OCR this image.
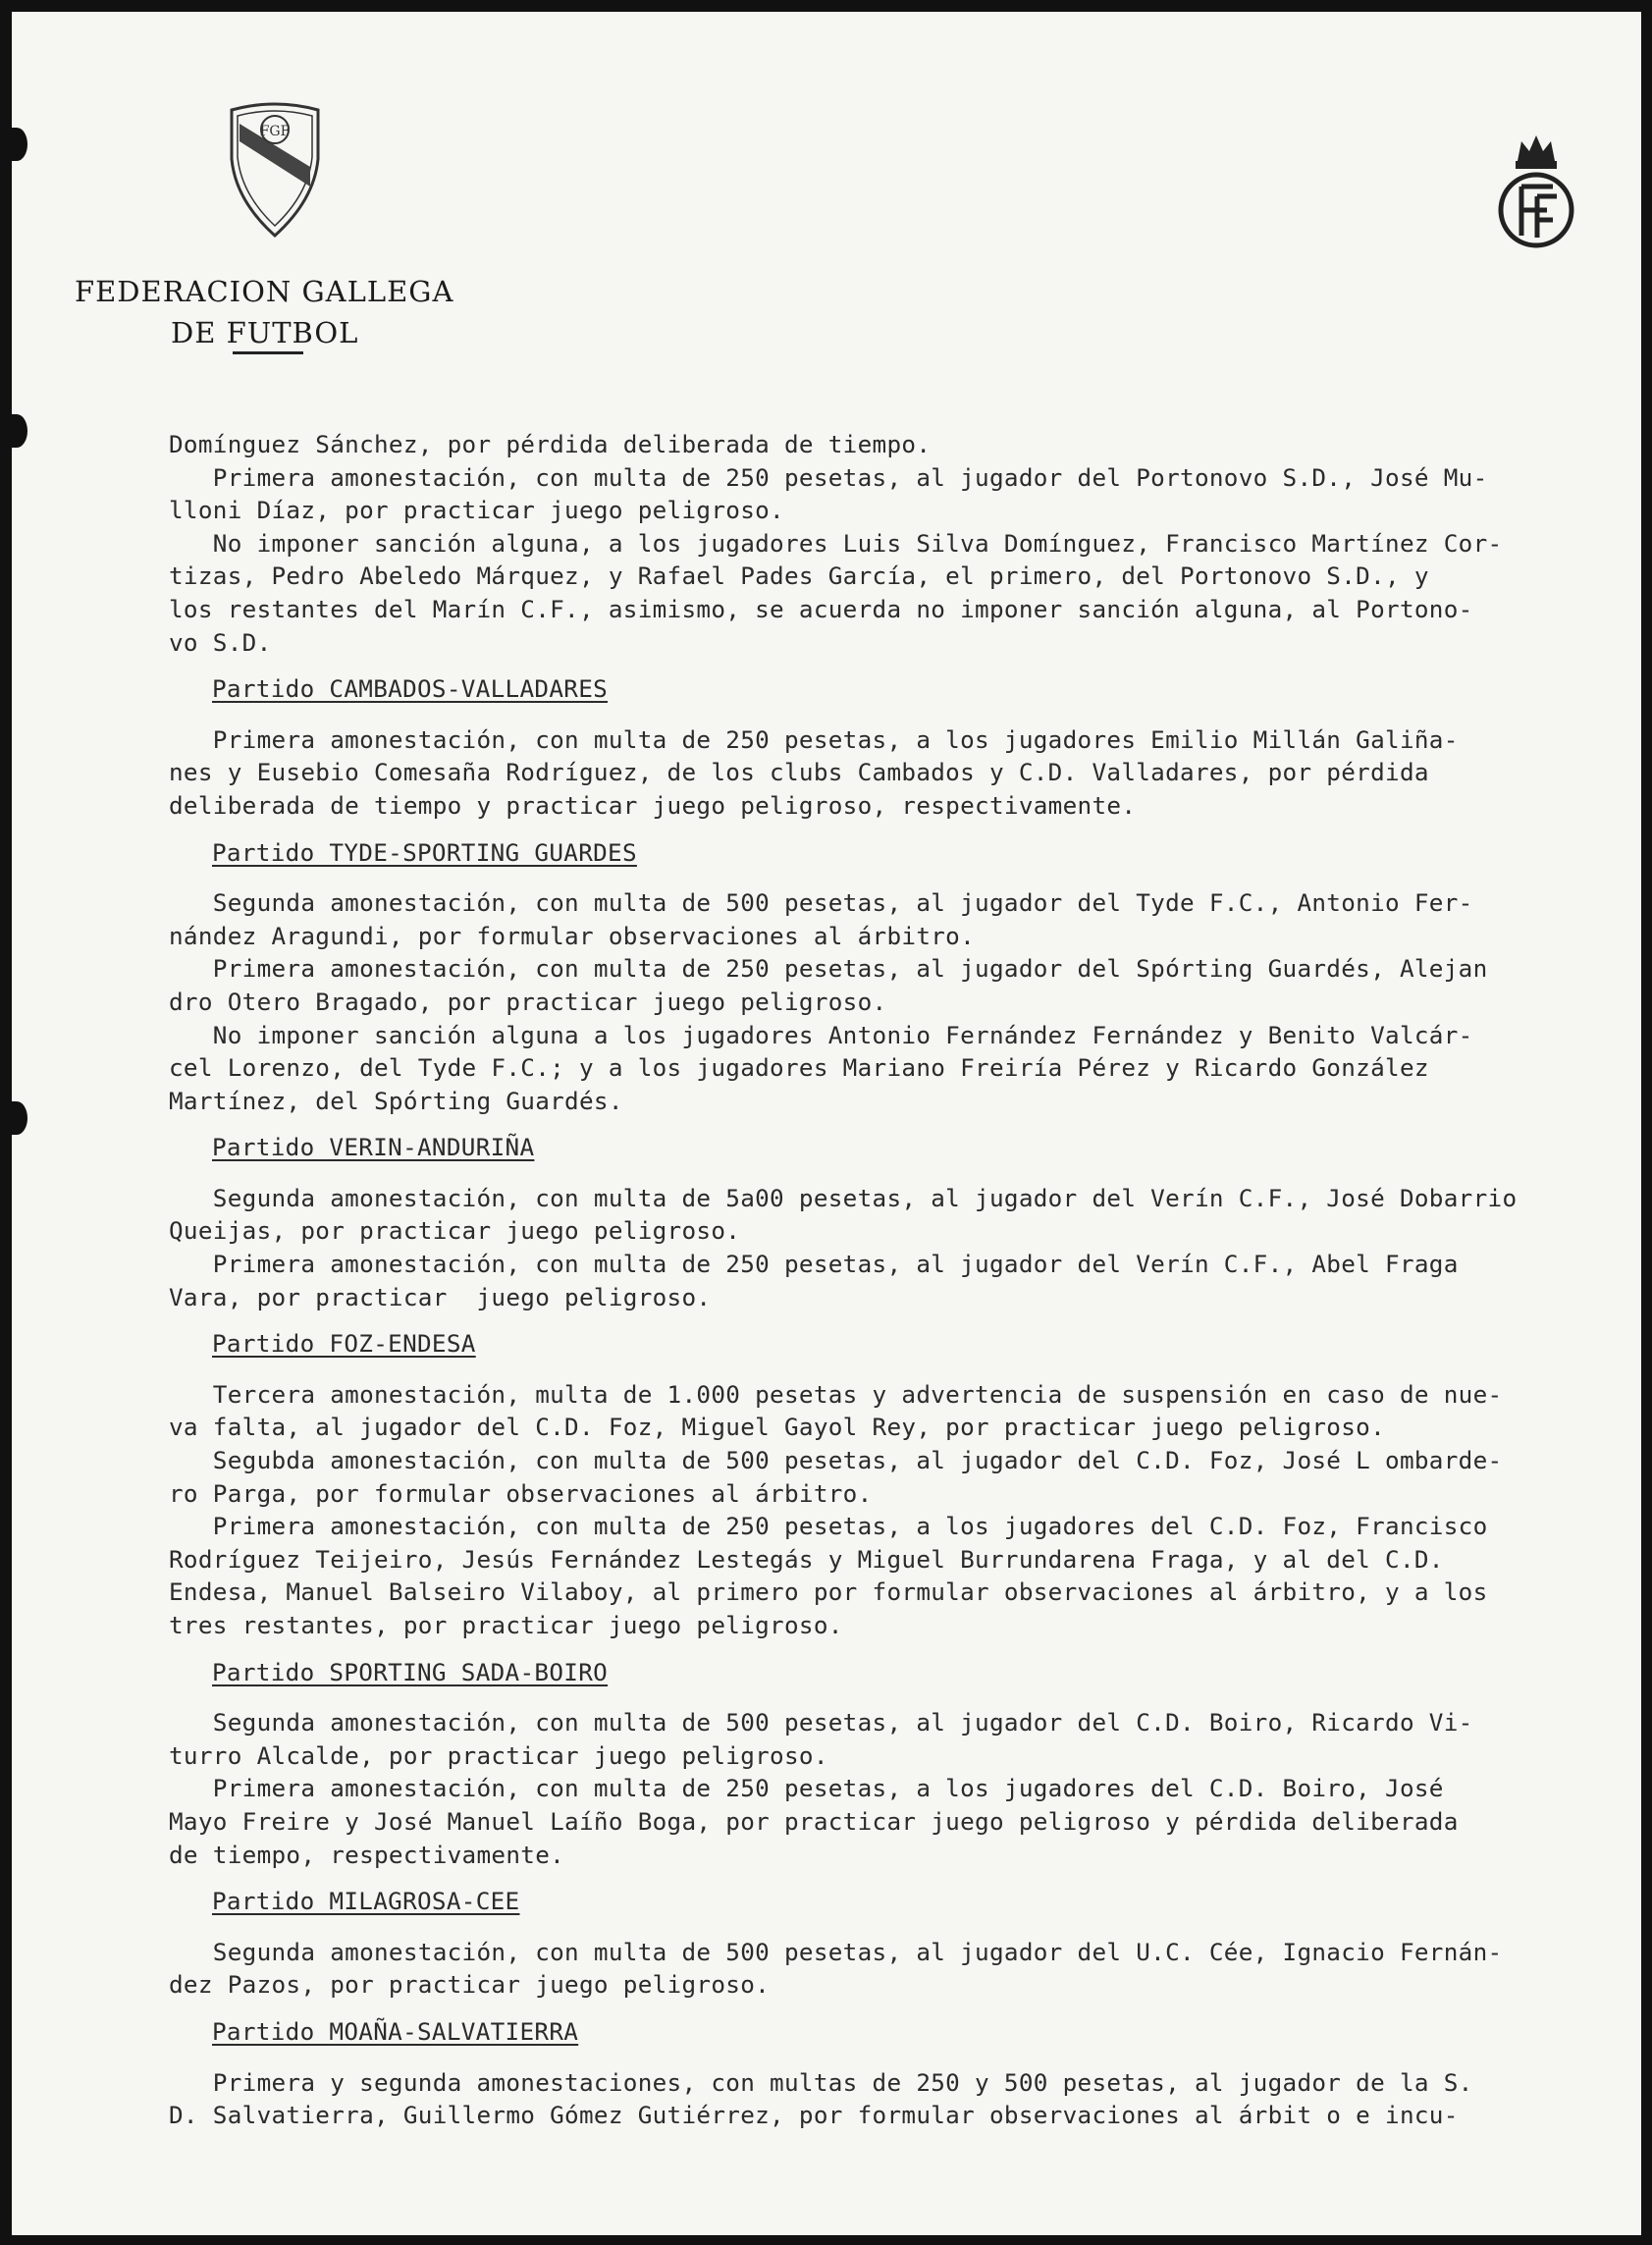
FGF
FEDERACION GALLEGA
DE FUTBOL

Domínguez Sánchez, por pérdida deliberada de tiempo.

Primera amonestación, con multa de 250 pesetas, al jugador del Portonovo S.D., José Mu-

lloni Díaz, por practicar juego peligroso.

No imponer sanción alguna, a los jugadores Luis Silva Domínguez, Francisco Martínez Cor-

tizas, Pedro Abeledo Márquez, y Rafael Pades García, el primero, del Portonovo S.D., y

los restantes del Marín C.F., asimismo, se acuerda no imponer sanción alguna, al Portono-

vo S.D.

Partido CAMBADOS-VALLADARES

Primera amonestación, con multa de 250 pesetas, a los jugadores Emilio Millán Galiña-

nes y Eusebio Comesaña Rodríguez, de los clubs Cambados y C.D. Valladares, por pérdida

deliberada de tiempo y practicar juego peligroso, respectivamente.

Partido TYDE-SPORTING GUARDES

Segunda amonestación, con multa de 500 pesetas, al jugador del Tyde F.C., Antonio Fer-

nández Aragundi, por formular observaciones al árbitro.

Primera amonestación, con multa de 250 pesetas, al jugador del Spórting Guardés, Alejan

dro Otero Bragado, por practicar juego peligroso.

No imponer sanción alguna a los jugadores Antonio Fernández Fernández y Benito Valcár-

cel Lorenzo, del Tyde F.C.; y a los jugadores Mariano Freiría Pérez y Ricardo González

Martínez, del Spórting Guardés.

Partido VERIN-ANDURIÑA

Segunda amonestación, con multa de 5a00 pesetas, al jugador del Verín C.F., José Dobarrio

Queijas, por practicar juego peligroso.

Primera amonestación, con multa de 250 pesetas, al jugador del Verín C.F., Abel Fraga

Vara, por practicar  juego peligroso.

Partido FOZ-ENDESA

Tercera amonestación, multa de 1.000 pesetas y advertencia de suspensión en caso de nue-

va falta, al jugador del C.D. Foz, Miguel Gayol Rey, por practicar juego peligroso.

Segubda amonestación, con multa de 500 pesetas, al jugador del C.D. Foz, José L ombarde-

ro Parga, por formular observaciones al árbitro.

Primera amonestación, con multa de 250 pesetas, a los jugadores del C.D. Foz, Francisco

Rodríguez Teijeiro, Jesús Fernández Lestegás y Miguel Burrundarena Fraga, y al del C.D.

Endesa, Manuel Balseiro Vilaboy, al primero por formular observaciones al árbitro, y a los

tres restantes, por practicar juego peligroso.

Partido SPORTING SADA-BOIRO

Segunda amonestación, con multa de 500 pesetas, al jugador del C.D. Boiro, Ricardo Vi-

turro Alcalde, por practicar juego peligroso.

Primera amonestación, con multa de 250 pesetas, a los jugadores del C.D. Boiro, José

Mayo Freire y José Manuel Laíño Boga, por practicar juego peligroso y pérdida deliberada

de tiempo, respectivamente.

Partido MILAGROSA-CEE

Segunda amonestación, con multa de 500 pesetas, al jugador del U.C. Cée, Ignacio Fernán-

dez Pazos, por practicar juego peligroso.

Partido MOAÑA-SALVATIERRA

Primera y segunda amonestaciones, con multas de 250 y 500 pesetas, al jugador de la S.

D. Salvatierra, Guillermo Gómez Gutiérrez, por formular observaciones al árbit o e incu-
